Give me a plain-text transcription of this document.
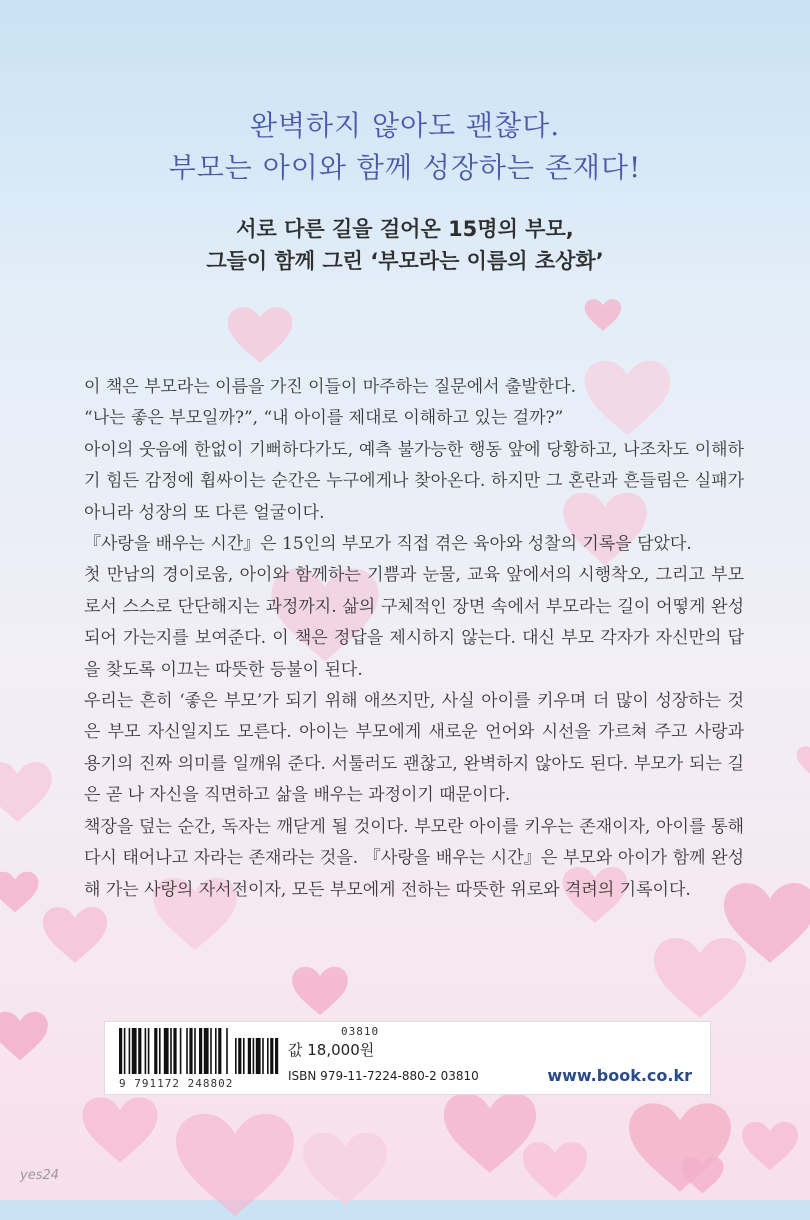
완벽하지 않아도 괜찮다.
부모는 아이와 함께 성장하는 존재다!
서로 다른 길을 걸어온 15명의 부모,
그들이 함께 그린 ‘부모라는 이름의 초상화’

이 책은 부모라는 이름을 가진 이들이 마주하는 질문에서 출발한다.

“나는 좋은 부모일까?”, “내 아이를 제대로 이해하고 있는 걸까?”

아이의 웃음에 한없이 기뻐하다가도, 예측 불가능한 행동 앞에 당황하고, 나조차도 이해하기 힘든 감정에 휩싸이는 순간은 누구에게나 찾아온다. 하지만 그 혼란과 흔들림은 실패가 아니라 성장의 또 다른 얼굴이다.

『사랑을 배우는 시간』은 15인의 부모가 직접 겪은 육아와 성찰의 기록을 담았다.

첫 만남의 경이로움, 아이와 함께하는 기쁨과 눈물, 교육 앞에서의 시행착오, 그리고 부모로서 스스로 단단해지는 과정까지. 삶의 구체적인 장면 속에서 부모라는 길이 어떻게 완성되어 가는지를 보여준다. 이 책은 정답을 제시하지 않는다. 대신 부모 각자가 자신만의 답을 찾도록 이끄는 따뜻한 등불이 된다.

우리는 흔히 ‘좋은 부모’가 되기 위해 애쓰지만, 사실 아이를 키우며 더 많이 성장하는 것은 부모 자신일지도 모른다. 아이는 부모에게 새로운 언어와 시선을 가르쳐 주고 사랑과 용기의 진짜 의미를 일깨워 준다. 서툴러도 괜찮고, 완벽하지 않아도 된다. 부모가 되는 길은 곧 나 자신을 직면하고 삶을 배우는 과정이기 때문이다.

책장을 덮는 순간, 독자는 깨닫게 될 것이다. 부모란 아이를 키우는 존재이자, 아이를 통해 다시 태어나고 자라는 존재라는 것을. 『사랑을 배우는 시간』은 부모와 아이가 함께 완성해 가는 사랑의 자서전이자, 모든 부모에게 전하는 따뜻한 위로와 격려의 기록이다.

03810
9 791172 248802
값 18,000원
ISBN 979-11-7224-880-2 03810	www.book.co.kr
yes24
